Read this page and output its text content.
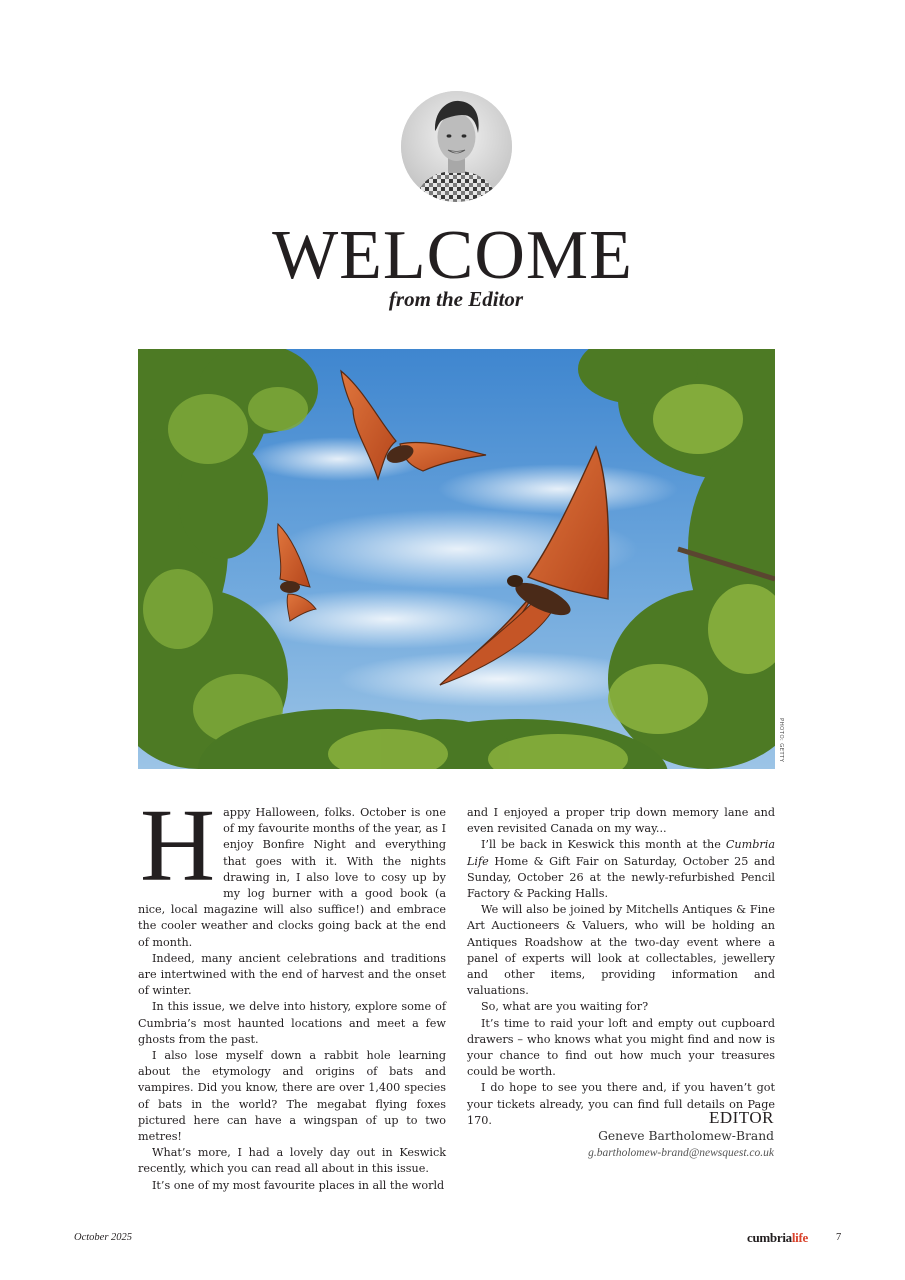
WELCOME
from the Editor
PHOTO: GETTY

Happy Halloween, folks. October is one of my favourite months of the year, as I enjoy Bonfire Night and everything that goes with it. With the nights drawing in, I also love to cosy up by my log burner with a good book (a nice, local magazine will also suffice!) and embrace the cooler weather and clocks going back at the end of month.

Indeed, many ancient celebrations and traditions are intertwined with the end of harvest and the onset of winter.

In this issue, we delve into history, explore some of Cumbria’s most haunted locations and meet a few ghosts from the past.

I also lose myself down a rabbit hole learning about the etymology and origins of bats and vampires. Did you know, there are over 1,400 species of bats in the world? The megabat flying foxes pictured here can have a wingspan of up to two metres!

What’s more, I had a lovely day out in Keswick recently, which you can read all about in this issue.

It’s one of my most favourite places in all the world

and I enjoyed a proper trip down memory lane and even revisited Canada on my way...

I’ll be back in Keswick this month at the Cumbria Life Home & Gift Fair on Saturday, October 25 and Sunday, October 26 at the newly-refurbished Pencil Factory & Packing Halls.

We will also be joined by Mitchells Antiques & Fine Art Auctioneers & Valuers, who will be holding an Antiques Roadshow at the two-day event where a panel of experts will look at collectables, jewellery and other items, providing information and valuations.

So, what are you waiting for?

It’s time to raid your loft and empty out cupboard drawers – who knows what you might find and now is your chance to find out how much your treasures could be worth.

I do hope to see you there and, if you haven’t got your tickets already, you can find full details on Page 170.	EDITOR
Geneve Bartholomew-Brand
g.bartholomew-brand@newsquest.co.uk
October 2025	cumbrialife	7
